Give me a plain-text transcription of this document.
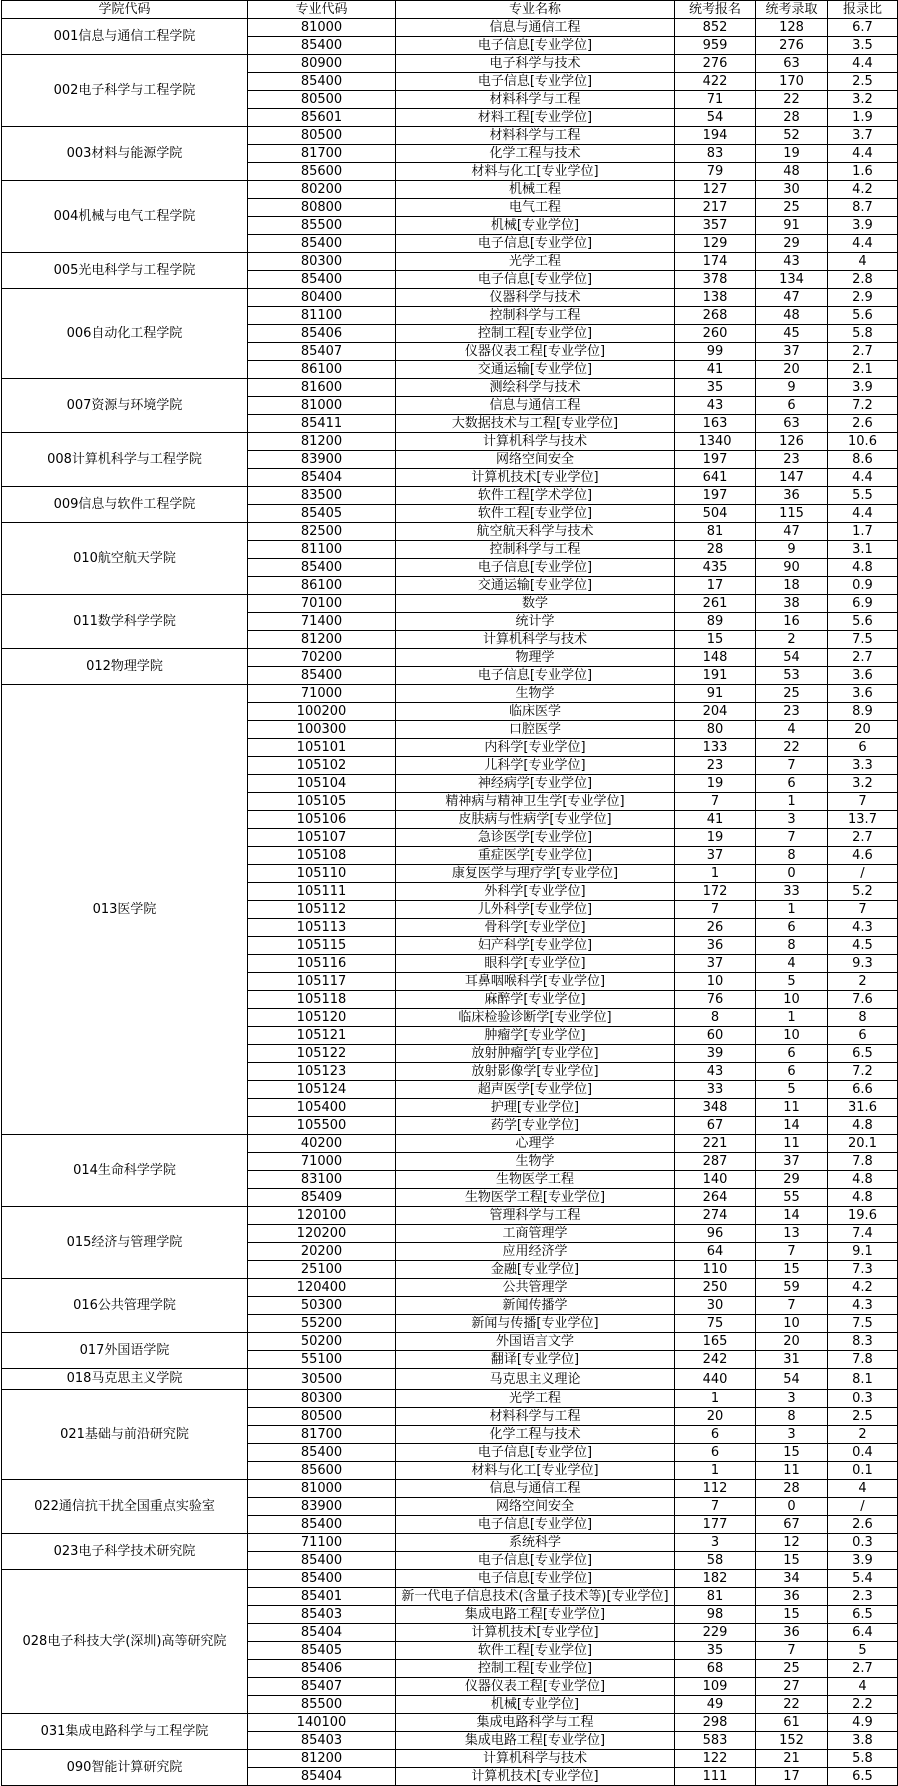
学院代码	专业代码	专业名称	统考报名	统考录取	报录比
001信息与通信工程学院	81000	信息与通信工程	852	128	6.7
	85400	电子信息[专业学位]	959	276	3.5
002电子科学与工程学院	80900	电子科学与技术	276	63	4.4
	85400	电子信息[专业学位]	422	170	2.5
	80500	材料科学与工程	71	22	3.2
	85601	材料工程[专业学位]	54	28	1.9
003材料与能源学院	80500	材料科学与工程	194	52	3.7
	81700	化学工程与技术	83	19	4.4
	85600	材料与化工[专业学位]	79	48	1.6
004机械与电气工程学院	80200	机械工程	127	30	4.2
	80800	电气工程	217	25	8.7
	85500	机械[专业学位]	357	91	3.9
	85400	电子信息[专业学位]	129	29	4.4
005光电科学与工程学院	80300	光学工程	174	43	4
	85400	电子信息[专业学位]	378	134	2.8
006自动化工程学院	80400	仪器科学与技术	138	47	2.9
	81100	控制科学与工程	268	48	5.6
	85406	控制工程[专业学位]	260	45	5.8
	85407	仪器仪表工程[专业学位]	99	37	2.7
	86100	交通运输[专业学位]	41	20	2.1
007资源与环境学院	81600	测绘科学与技术	35	9	3.9
	81000	信息与通信工程	43	6	7.2
	85411	大数据技术与工程[专业学位]	163	63	2.6
008计算机科学与工程学院	81200	计算机科学与技术	1340	126	10.6
	83900	网络空间安全	197	23	8.6
	85404	计算机技术[专业学位]	641	147	4.4
009信息与软件工程学院	83500	软件工程[学术学位]	197	36	5.5
	85405	软件工程[专业学位]	504	115	4.4
010航空航天学院	82500	航空航天科学与技术	81	47	1.7
	81100	控制科学与工程	28	9	3.1
	85400	电子信息[专业学位]	435	90	4.8
	86100	交通运输[专业学位]	17	18	0.9
011数学科学学院	70100	数学	261	38	6.9
	71400	统计学	89	16	5.6
	81200	计算机科学与技术	15	2	7.5
012物理学院	70200	物理学	148	54	2.7
	85400	电子信息[专业学位]	191	53	3.6
013医学院	71000	生物学	91	25	3.6
	100200	临床医学	204	23	8.9
	100300	口腔医学	80	4	20
	105101	内科学[专业学位]	133	22	6
	105102	儿科学[专业学位]	23	7	3.3
	105104	神经病学[专业学位]	19	6	3.2
	105105	精神病与精神卫生学[专业学位]	7	1	7
	105106	皮肤病与性病学[专业学位]	41	3	13.7
	105107	急诊医学[专业学位]	19	7	2.7
	105108	重症医学[专业学位]	37	8	4.6
	105110	康复医学与理疗学[专业学位]	1	0	/
	105111	外科学[专业学位]	172	33	5.2
	105112	儿外科学[专业学位]	7	1	7
	105113	骨科学[专业学位]	26	6	4.3
	105115	妇产科学[专业学位]	36	8	4.5
	105116	眼科学[专业学位]	37	4	9.3
	105117	耳鼻咽喉科学[专业学位]	10	5	2
	105118	麻醉学[专业学位]	76	10	7.6
	105120	临床检验诊断学[专业学位]	8	1	8
	105121	肿瘤学[专业学位]	60	10	6
	105122	放射肿瘤学[专业学位]	39	6	6.5
	105123	放射影像学[专业学位]	43	6	7.2
	105124	超声医学[专业学位]	33	5	6.6
	105400	护理[专业学位]	348	11	31.6
	105500	药学[专业学位]	67	14	4.8
014生命科学学院	40200	心理学	221	11	20.1
	71000	生物学	287	37	7.8
	83100	生物医学工程	140	29	4.8
	85409	生物医学工程[专业学位]	264	55	4.8
015经济与管理学院	120100	管理科学与工程	274	14	19.6
	120200	工商管理学	96	13	7.4
	20200	应用经济学	64	7	9.1
	25100	金融[专业学位]	110	15	7.3
016公共管理学院	120400	公共管理学	250	59	4.2
	50300	新闻传播学	30	7	4.3
	55200	新闻与传播[专业学位]	75	10	7.5
017外国语学院	50200	外国语言文学	165	20	8.3
	55100	翻译[专业学位]	242	31	7.8
018马克思主义学院	30500	马克思主义理论	440	54	8.1
021基础与前沿研究院	80300	光学工程	1	3	0.3
	80500	材料科学与工程	20	8	2.5
	81700	化学工程与技术	6	3	2
	85400	电子信息[专业学位]	6	15	0.4
	85600	材料与化工[专业学位]	1	11	0.1
022通信抗干扰全国重点实验室	81000	信息与通信工程	112	28	4
	83900	网络空间安全	7	0	/
	85400	电子信息[专业学位]	177	67	2.6
023电子科学技术研究院	71100	系统科学	3	12	0.3
	85400	电子信息[专业学位]	58	15	3.9
028电子科技大学(深圳)高等研究院	85400	电子信息[专业学位]	182	34	5.4
	85401	新一代电子信息技术(含量子技术等)[专业学位]	81	36	2.3
	85403	集成电路工程[专业学位]	98	15	6.5
	85404	计算机技术[专业学位]	229	36	6.4
	85405	软件工程[专业学位]	35	7	5
	85406	控制工程[专业学位]	68	25	2.7
	85407	仪器仪表工程[专业学位]	109	27	4
	85500	机械[专业学位]	49	22	2.2
031集成电路科学与工程学院	140100	集成电路科学与工程	298	61	4.9
	85403	集成电路工程[专业学位]	583	152	3.8
090智能计算研究院	81200	计算机科学与技术	122	21	5.8
	85404	计算机技术[专业学位]	111	17	6.5
